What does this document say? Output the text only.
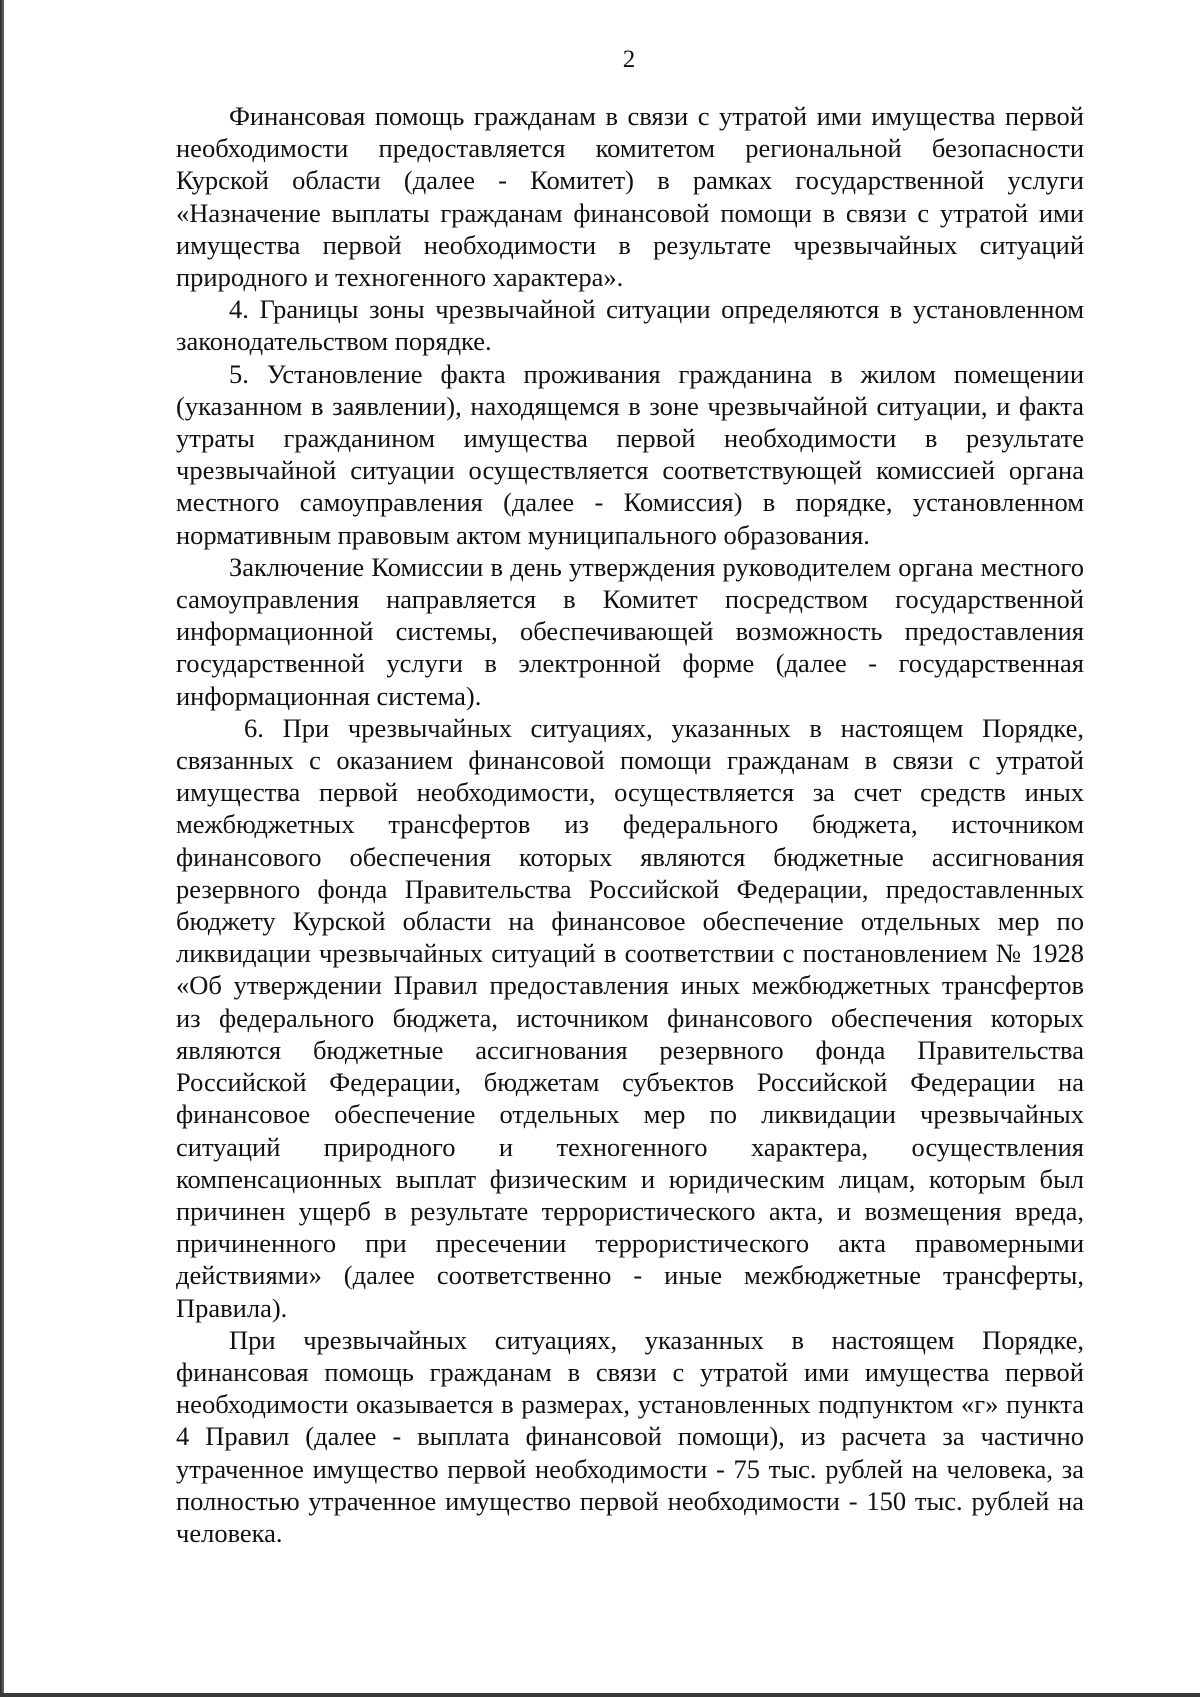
2

Финансовая помощь гражданам в связи с утратой ими имущества первой необходимости предоставляется комитетом региональной безопасности Курской области (далее - Комитет) в рамках государственной услуги «Назначение выплаты гражданам финансовой помощи в связи с утратой ими имущества первой необходимости в результате чрезвычайных ситуаций природного и техногенного характера».

4. Границы зоны чрезвычайной ситуации определяются в установленном законодательством порядке.

5. Установление факта проживания гражданина в жилом помещении (указанном в заявлении), находящемся в зоне чрезвычайной ситуации, и факта утраты гражданином имущества первой необходимости в результате чрезвычайной ситуации осуществляется соответствующей комиссией органа местного самоуправления (далее - Комиссия) в порядке, установленном нормативным правовым актом муниципального образования.

Заключение Комиссии в день утверждения руководителем органа местного самоуправления направляется в Комитет посредством государственной информационной системы, обеспечивающей возможность предоставления государственной услуги в электронной форме (далее - государственная информационная система).

6. При чрезвычайных ситуациях, указанных в настоящем Порядке, связанных с оказанием финансовой помощи гражданам в связи с утратой имущества первой необходимости, осуществляется за счет средств иных межбюджетных трансфертов из федерального бюджета, источником финансового обеспечения которых являются бюджетные ассигнования резервного фонда Правительства Российской Федерации, предоставленных бюджету Курской области на финансовое обеспечение отдельных мер по ликвидации чрезвычайных ситуаций в соответствии с постановлением № 1928 «Об утверждении Правил предоставления иных межбюджетных трансфертов из федерального бюджета, источником финансового обеспечения которых являются бюджетные ассигнования резервного фонда Правительства Российской Федерации, бюджетам субъектов Российской Федерации на финансовое обеспечение отдельных мер по ликвидации чрезвычайных ситуаций природного и техногенного характера, осуществления компенсационных выплат физическим и юридическим лицам, которым был причинен ущерб в результате террористического акта, и возмещения вреда, причиненного при пресечении террористического акта правомерными действиями» (далее соответственно - иные межбюджетные трансферты, Правила).

При чрезвычайных ситуациях, указанных в настоящем Порядке, финансовая помощь гражданам в связи с утратой ими имущества первой необходимости оказывается в размерах, установленных подпунктом «г» пункта 4 Правил (далее - выплата финансовой помощи), из расчета за частично утраченное имущество первой необходимости - 75 тыс. рублей на человека, за полностью утраченное имущество первой необходимости - 150 тыс. рублей на человека.
